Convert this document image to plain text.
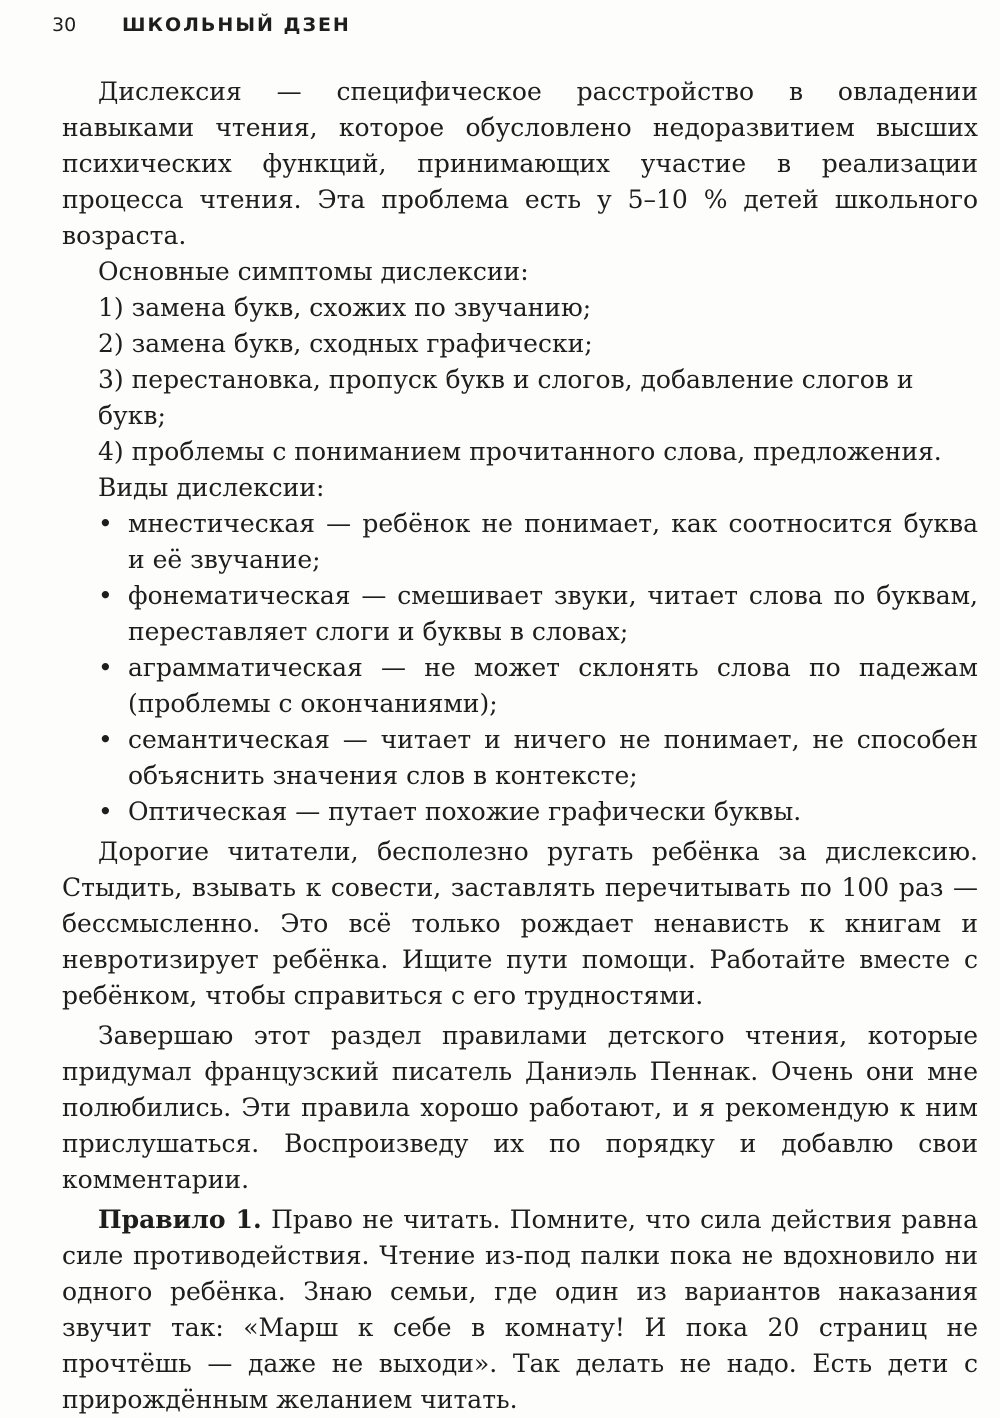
30	ШКОЛЬНЫЙ ДЗЕН

Дислексия — специфическое расстройство в овладении навыками чтения, которое обусловлено недоразвитием высших психических функций, принимающих участие в реализации процесса чтения. Эта проблема есть у 5–10 % детей школьного возраста.

Основные симптомы дислексии:

1) замена букв, схожих по звучанию;

2) замена букв, сходных графически;

3) перестановка, пропуск букв и слогов, добавление слогов и букв;

4) проблемы с пониманием прочитанного слова, предложения.

Виды дислексии:

• мнестическая — ребёнок не понимает, как соотносится буква и её звучание;
• фонематическая — смешивает звуки, читает слова по буквам, переставляет слоги и буквы в словах;
• аграмматическая — не может склонять слова по падежам (проблемы с окончаниями);
• семантическая — читает и ничего не понимает, не способен объяснить значения слов в контексте;
• Оптическая — путает похожие графически буквы.

Дорогие читатели, бесполезно ругать ребёнка за дислексию. Стыдить, взывать к совести, заставлять перечитывать по 100 раз — бессмысленно. Это всё только рождает ненависть к книгам и невротизирует ребёнка. Ищите пути помощи. Работайте вместе с ребёнком, чтобы справиться с его трудностями.

Завершаю этот раздел правилами детского чтения, которые придумал французский писатель Даниэль Пеннак. Очень они мне полюбились. Эти правила хорошо работают, и я рекомендую к ним прислушаться. Воспроизведу их по порядку и добавлю свои комментарии.

Правило 1. Право не читать. Помните, что сила действия равна силе противодействия. Чтение из-под палки пока не вдохновило ни одного ребёнка. Знаю семьи, где один из вариантов наказания звучит так: «Марш к себе в комнату! И пока 20 страниц не прочтёшь — даже не выходи». Так делать не надо. Есть дети с прирождённым желанием читать.
